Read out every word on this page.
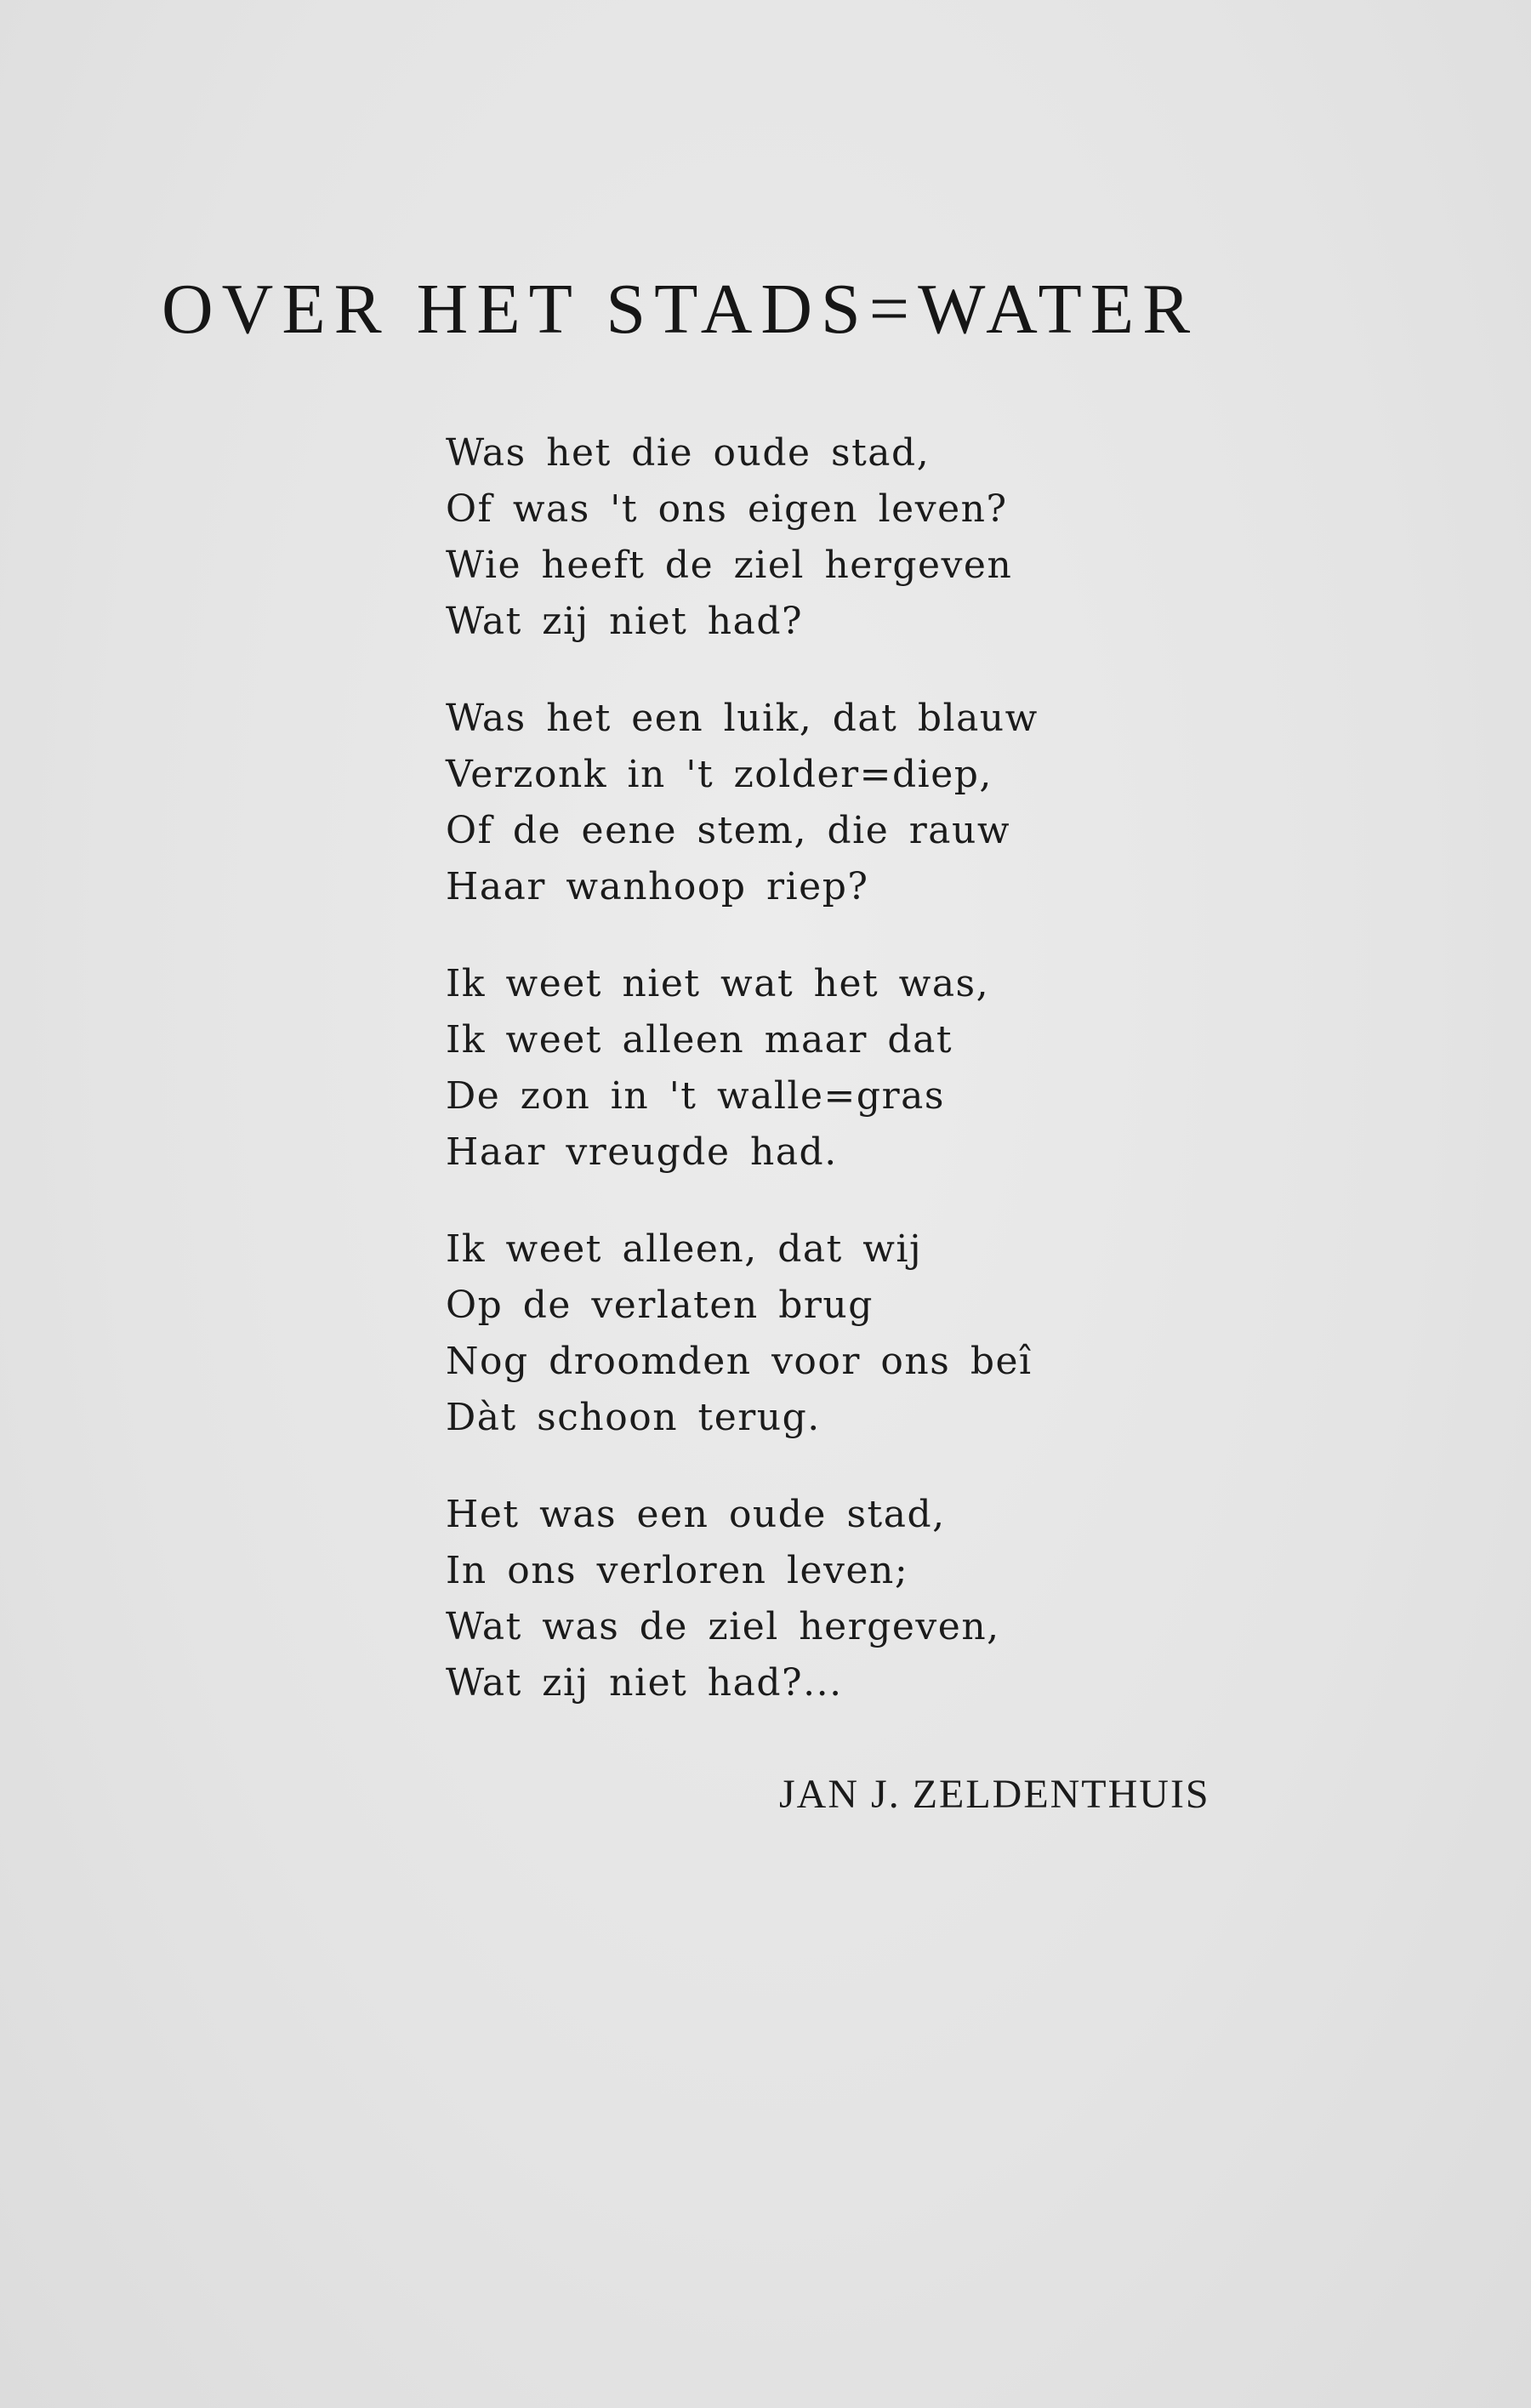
OVER HET STADS=WATER
Was het die oude stad,
Of was 't ons eigen leven?
Wie heeft de ziel hergeven
Wat zij niet had?
Was het een luik, dat blauw
Verzonk in 't zolder=diep,
Of de eene stem, die rauw
Haar wanhoop riep?
Ik weet niet wat het was,
Ik weet alleen maar dat
De zon in 't walle=gras
Haar vreugde had.
Ik weet alleen, dat wij
Op de verlaten brug
Nog droomden voor ons beî
Dàt schoon terug.
Het was een oude stad,
In ons verloren leven;
Wat was de ziel hergeven,
Wat zij niet had?...

JAN J. ZELDENTHUIS
